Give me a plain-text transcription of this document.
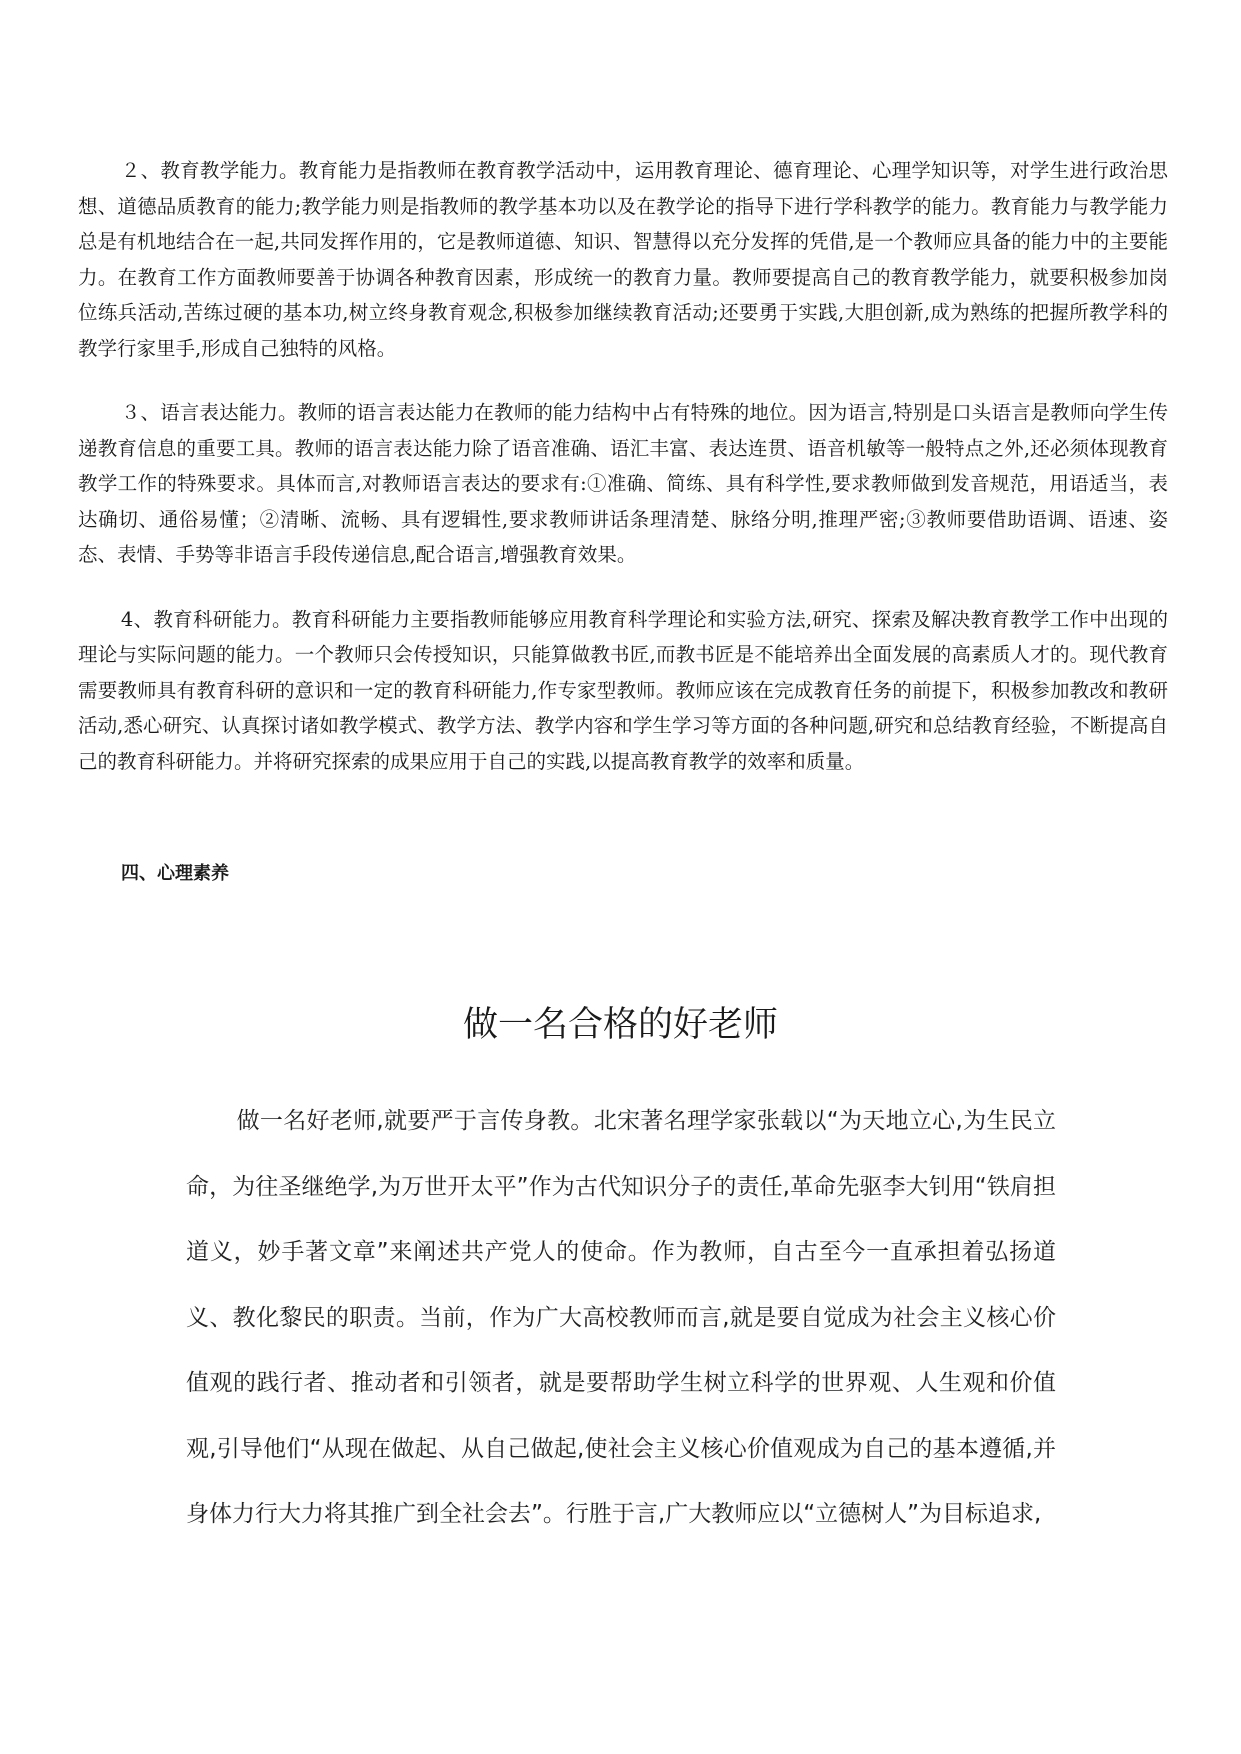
２、教育教学能力。教育能力是指教师在教育教学活动中，运用教育理论、德育理论、心理学知识等，对学生进行政治思想、道德品质教育的能力;教学能力则是指教师的教学基本功以及在教学论的指导下进行学科教学的能力。教育能力与教学能力总是有机地结合在一起,共同发挥作用的，它是教师道德、知识、智慧得以充分发挥的凭借,是一个教师应具备的能力中的主要能力。在教育工作方面教师要善于协调各种教育因素，形成统一的教育力量。教师要提高自己的教育教学能力，就要积极参加岗位练兵活动,苦练过硬的基本功,树立终身教育观念,积极参加继续教育活动;还要勇于实践,大胆创新,成为熟练的把握所教学科的教学行家里手,形成自己独特的风格。

３、语言表达能力。教师的语言表达能力在教师的能力结构中占有特殊的地位。因为语言,特别是口头语言是教师向学生传递教育信息的重要工具。教师的语言表达能力除了语音准确、语汇丰富、表达连贯、语音机敏等一般特点之外,还必须体现教育教学工作的特殊要求。具体而言,对教师语言表达的要求有:①准确、简练、具有科学性,要求教师做到发音规范，用语适当，表达确切、通俗易懂；②清晰、流畅、具有逻辑性,要求教师讲话条理清楚、脉络分明,推理严密;③教师要借助语调、语速、姿态、表情、手势等非语言手段传递信息,配合语言,增强教育效果。

4、教育科研能力。教育科研能力主要指教师能够应用教育科学理论和实验方法,研究、探索及解决教育教学工作中出现的理论与实际问题的能力。一个教师只会传授知识，只能算做教书匠,而教书匠是不能培养出全面发展的高素质人才的。现代教育需要教师具有教育科研的意识和一定的教育科研能力,作专家型教师。教师应该在完成教育任务的前提下，积极参加教改和教研活动,悉心研究、认真探讨诸如教学模式、教学方法、教学内容和学生学习等方面的各种问题,研究和总结教育经验，不断提高自己的教育科研能力。并将研究探索的成果应用于自己的实践,以提高教育教学的效率和质量。

四、心理素养
做一名合格的好老师

做一名好老师,就要严于言传身教。北宋著名理学家张载以“为天地立心,为生民立命，为往圣继绝学,为万世开太平”作为古代知识分子的责任,革命先驱李大钊用“铁肩担道义，妙手著文章”来阐述共产党人的使命。作为教师，自古至今一直承担着弘扬道义、教化黎民的职责。当前，作为广大高校教师而言,就是要自觉成为社会主义核心价值观的践行者、推动者和引领者，就是要帮助学生树立科学的世界观、人生观和价值观,引导他们“从现在做起、从自己做起,使社会主义核心价值观成为自己的基本遵循,并身体力行大力将其推广到全社会去”。行胜于言,广大教师应以“立德树人”为目标追求,
